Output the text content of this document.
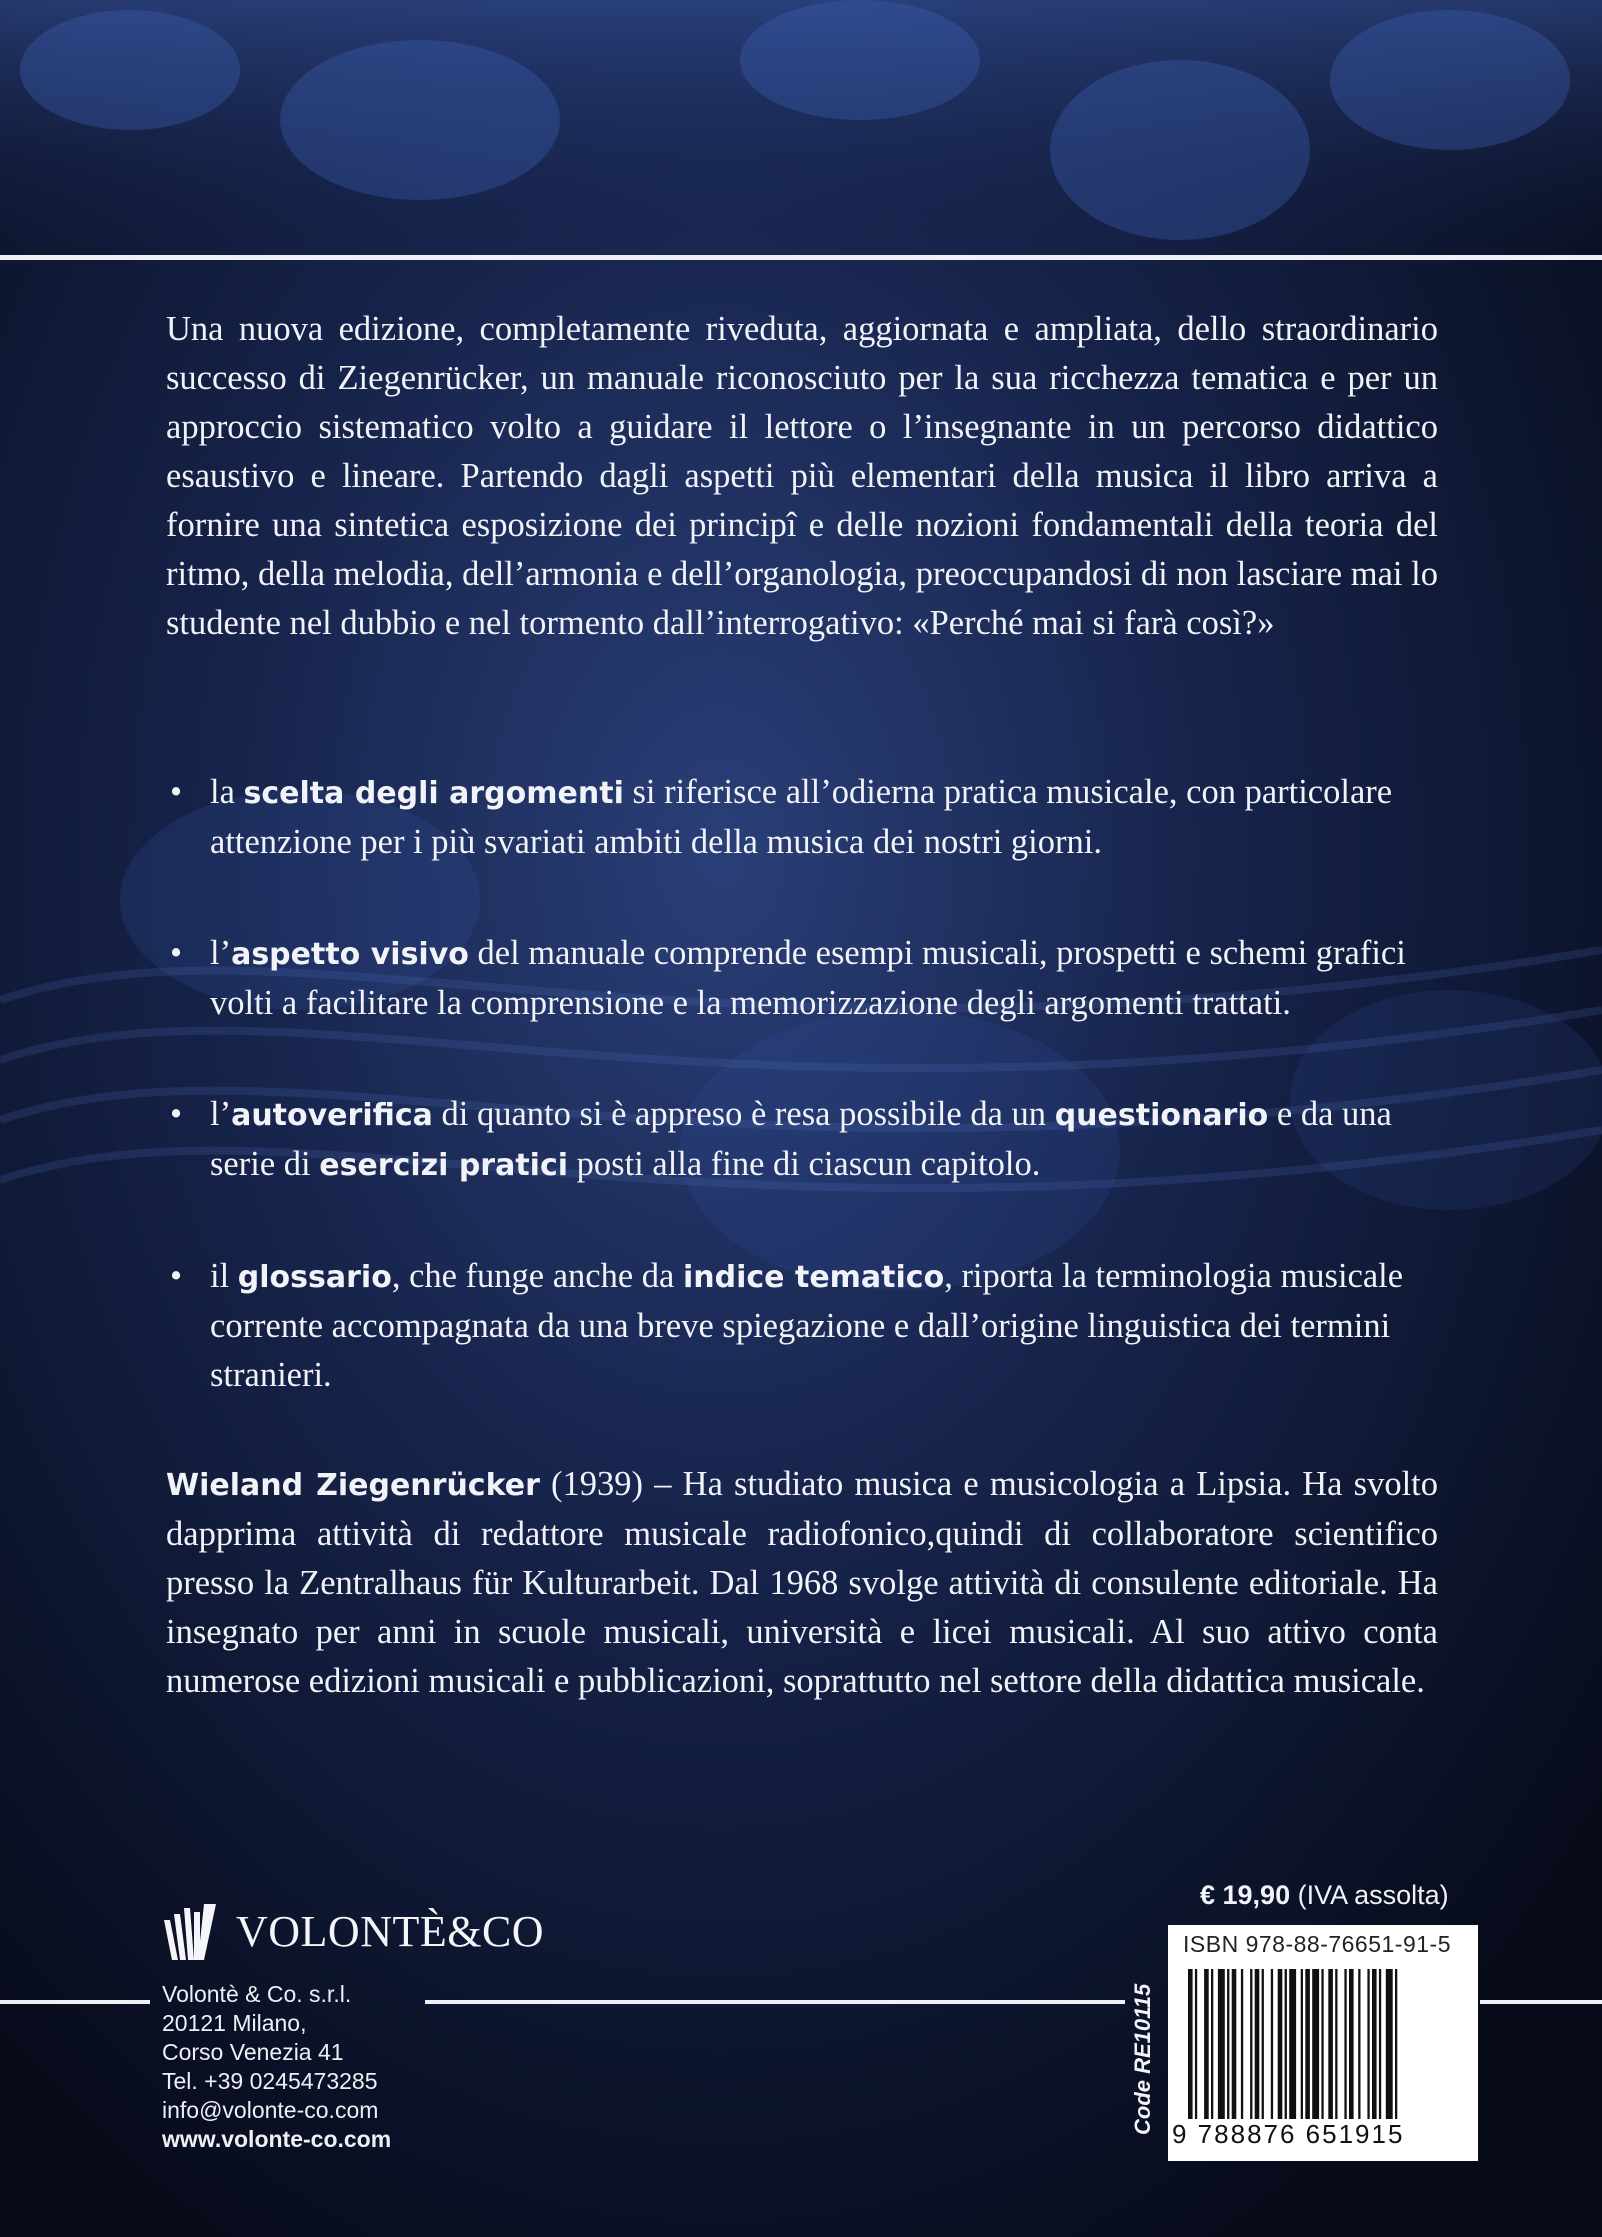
Una nuova edizione, completamente riveduta, aggiornata e ampliata, dello straordinario successo di Ziegenrücker, un manuale riconosciuto per la sua ricchezza tematica e per un approccio sistematico volto a guidare il lettore o l’insegnante in un percorso didattico esaustivo e lineare. Partendo dagli aspetti più elementari della musica il libro arriva a fornire una sintetica esposizione dei principî e delle nozioni fondamentali della teoria del ritmo, della melodia, dell’armonia e dell’organologia, preoccupandosi di non lasciare mai lo studente nel dubbio e nel tormento dall’interrogativo: «Perché mai si farà così?»

• la scelta degli argomenti si riferisce all’odierna pratica musicale, con particolare attenzione per i più svariati ambiti della musica dei nostri giorni.
• l’aspetto visivo del manuale comprende esempi musicali, prospetti e schemi grafici volti a facilitare la comprensione e la memorizzazione degli argomenti trattati.
• l’autoverifica di quanto si è appreso è resa possibile da un questionario e da una serie di esercizi pratici posti alla fine di ciascun capitolo.
• il glossario, che funge anche da indice tematico, riporta la terminologia musicale corrente accompagnata da una breve spiegazione e dall’origine linguistica dei termini stranieri.

Wieland Ziegenrücker (1939) – Ha studiato musica e musicologia a Lipsia. Ha svolto dapprima attività di redattore musicale radiofonico,quindi di collaboratore scientifico presso la Zentralhaus für Kulturarbeit. Dal 1968 svolge attività di consulente editoriale. Ha insegnato per anni in scuole musicali, università e licei musicali. Al suo attivo conta numerose edizioni musicali e pubblicazioni, soprattutto nel settore della didattica musicale.

VOLONTÈ&CO
Volontè & Co. s.r.l.
20121 Milano,
Corso Venezia 41
Tel. +39 0245473285
info@volonte-co.com
www.volonte-co.com
€ 19,90 (IVA assolta)
Code RE10115
ISBN 978-88-76651-91-5
9 788876 651915
